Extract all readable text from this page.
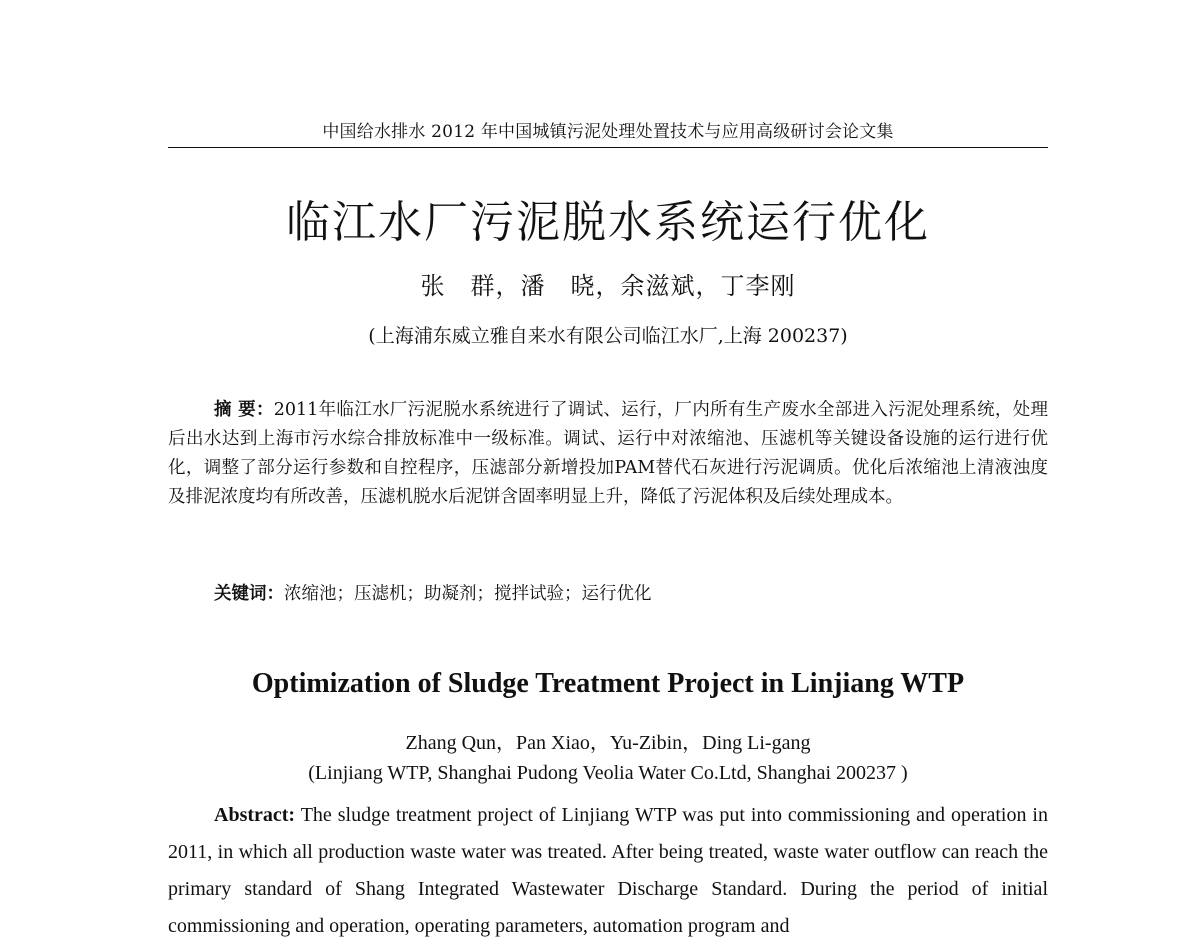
中国给水排水 2012 年中国城镇污泥处理处置技术与应用高级研讨会论文集
临江水厂污泥脱水系统运行优化
张　群，潘　晓，余滋斌，丁李刚
(上海浦东威立雅自来水有限公司临江水厂,上海 200237)
摘 要：2011年临江水厂污泥脱水系统进行了调试、运行，厂内所有生产废水全部进入污泥处理系统，处理后出水达到上海市污水综合排放标准中一级标准。调试、运行中对浓缩池、压滤机等关键设备设施的运行进行优化，调整了部分运行参数和自控程序，压滤部分新增投加PAM替代石灰进行污泥调质。优化后浓缩池上清液浊度及排泥浓度均有所改善，压滤机脱水后泥饼含固率明显上升，降低了污泥体积及后续处理成本。
关键词：浓缩池；压滤机；助凝剂；搅拌试验；运行优化
Optimization of Sludge Treatment Project in Linjiang WTP
Zhang Qun，Pan Xiao，Yu-Zibin，Ding Li-gang
(Linjiang WTP, Shanghai Pudong Veolia Water Co.Ltd, Shanghai 200237 )
Abstract: The sludge treatment project of Linjiang WTP was put into commissioning and operation in 2011, in which all production waste water was treated. After being treated, waste water outflow can reach the primary standard of Shang Integrated Wastewater Discharge Standard. During the period of initial commissioning and operation, operating parameters, automation program and
